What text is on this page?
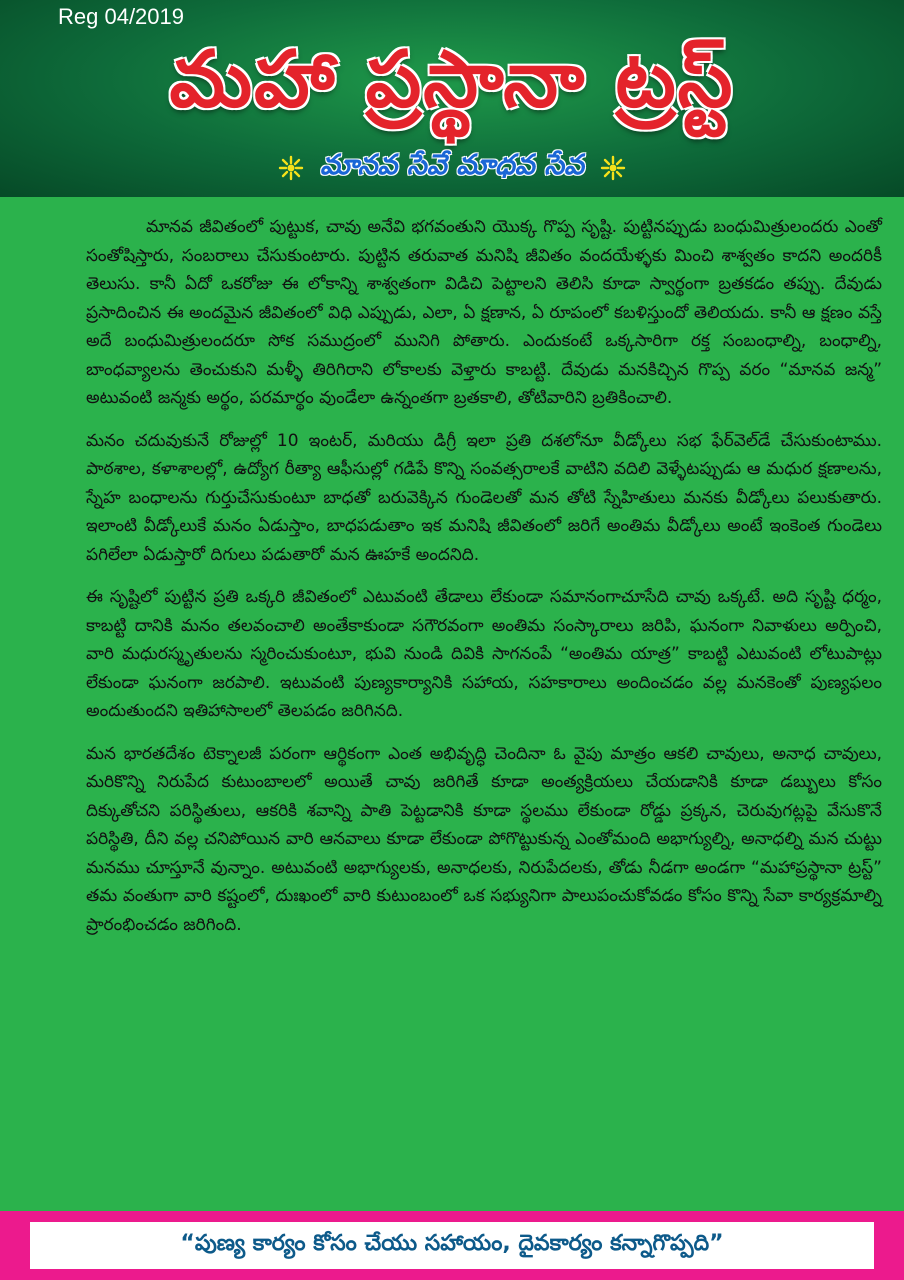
Reg 04/2019
మహా ప్రస్థానా ట్రస్ట్
మానవ సేవే మాధవ సేవ

మానవ జీవితంలో పుట్టుక, చావు అనేవి భగవంతుని యొక్క గొప్ప సృష్టి. పుట్టినప్పుడు బంధుమిత్రులందరు ఎంతో సంతోషిస్తారు, సంబరాలు చేసుకుంటారు. పుట్టిన తరువాత మనిషి జీవితం వందయేళ్ళకు మించి శాశ్వతం కాదని అందరికీ తెలుసు. కానీ ఏదో ఒకరోజు ఈ లోకాన్ని శాశ్వతంగా విడిచి పెట్టాలని తెలిసి కూడా స్వార్థంగా బ్రతకడం తప్పు. దేవుడు ప్రసాదించిన ఈ అందమైన జీవితంలో విధి ఎప్పుడు, ఎలా, ఏ క్షణాన, ఏ రూపంలో కబళిస్తుందో తెలియదు. కానీ ఆ క్షణం వస్తే అదే బంధుమిత్రులందరూ సోక సముద్రంలో మునిగి పోతారు. ఎందుకంటే ఒక్కసారిగా రక్త సంబంధాల్ని, బంధాల్ని, బాంధవ్యాలను తెంచుకుని మళ్ళీ తిరిగిరాని లోకాలకు వెళ్తారు కాబట్టి. దేవుడు మనకిచ్చిన గొప్ప వరం “మానవ జన్మ” అటువంటి జన్మకు అర్థం, పరమార్థం వుండేలా ఉన్నంతగా బ్రతకాలి, తోటివారిని బ్రతికించాలి.

మనం చదువుకునే రోజుల్లో 10 ఇంటర్, మరియు డిగ్రీ ఇలా ప్రతి దశలోనూ వీడ్కోలు సభ ఫేర్‌వెల్‌డే చేసుకుంటాము. పాఠశాల, కళాశాలల్లో, ఉద్యోగ రీత్యా ఆఫీసుల్లో గడిపే కొన్ని సంవత్సరాలకే వాటిని వదిలి వెళ్ళేటప్పుడు ఆ మధుర క్షణాలను, స్నేహ బంధాలను గుర్తుచేసుకుంటూ బాధతో బరువెక్కిన గుండెలతో మన తోటి స్నేహితులు మనకు వీడ్కోలు పలుకుతారు. ఇలాంటి వీడ్కోలుకే మనం ఏడుస్తాం, బాధపడుతాం ఇక మనిషి జీవితంలో జరిగే అంతిమ వీడ్కోలు అంటే ఇంకెంత గుండెలు పగిలేలా ఏడుస్తారో దిగులు పడుతారో మన ఊహకే అందనిది.

ఈ సృష్టిలో పుట్టిన ప్రతి ఒక్కరి జీవితంలో ఎటువంటి తేడాలు లేకుండా సమానంగాచూసేది చావు ఒక్కటే. అది సృష్టి ధర్మం, కాబట్టి దానికి మనం తలవంచాలి అంతేకాకుండా సగౌరవంగా అంతిమ సంస్కారాలు జరిపి, ఘనంగా నివాళులు అర్పించి, వారి మధురస్మృతులను స్మరించుకుంటూ, భువి నుండి దివికి సాగనంపే “అంతిమ యాత్ర” కాబట్టి ఎటువంటి లోటుపాట్లు లేకుండా ఘనంగా జరపాలి. ఇటువంటి పుణ్యకార్యానికి సహాయ, సహకారాలు అందించడం వల్ల మనకెంతో పుణ్యఫలం అందుతుందని ఇతిహాసాలలో తెలపడం జరిగినది.

మన భారతదేశం టెక్నాలజీ పరంగా ఆర్థికంగా ఎంత అభివృద్ధి చెందినా ఓ వైపు మాత్రం ఆకలి చావులు, అనాధ చావులు, మరికొన్ని నిరుపేద కుటుంబాలలో అయితే చావు జరిగితే కూడా అంత్యక్రియలు చేయడానికి కూడా డబ్బులు కోసం దిక్కుతోచని పరిస్థితులు, ఆకరికి శవాన్ని పాతి పెట్టడానికి కూడా స్థలము లేకుండా రోడ్డు ప్రక్కన, చెరువుగట్లపై వేసుకొనే పరిస్థితి, దీని వల్ల చనిపోయిన వారి ఆనవాలు కూడా లేకుండా పోగొట్టుకున్న ఎంతోమంది అభాగ్యుల్ని, అనాధల్ని మన చుట్టు మనము చూస్తూనే వున్నాం. అటువంటి అభాగ్యులకు, అనాధలకు, నిరుపేదలకు, తోడు నీడగా అండగా “మహాప్రస్థానా ట్రస్ట్” తమ వంతుగా వారి కష్టంలో, దుఃఖంలో వారి కుటుంబంలో ఒక సభ్యునిగా పాలుపంచుకోవడం కోసం కొన్ని సేవా కార్యక్రమాల్ని ప్రారంభించడం జరిగింది.

“పుణ్య కార్యం కోసం చేయు సహాయం, దైవకార్యం కన్నాగొప్పది”
